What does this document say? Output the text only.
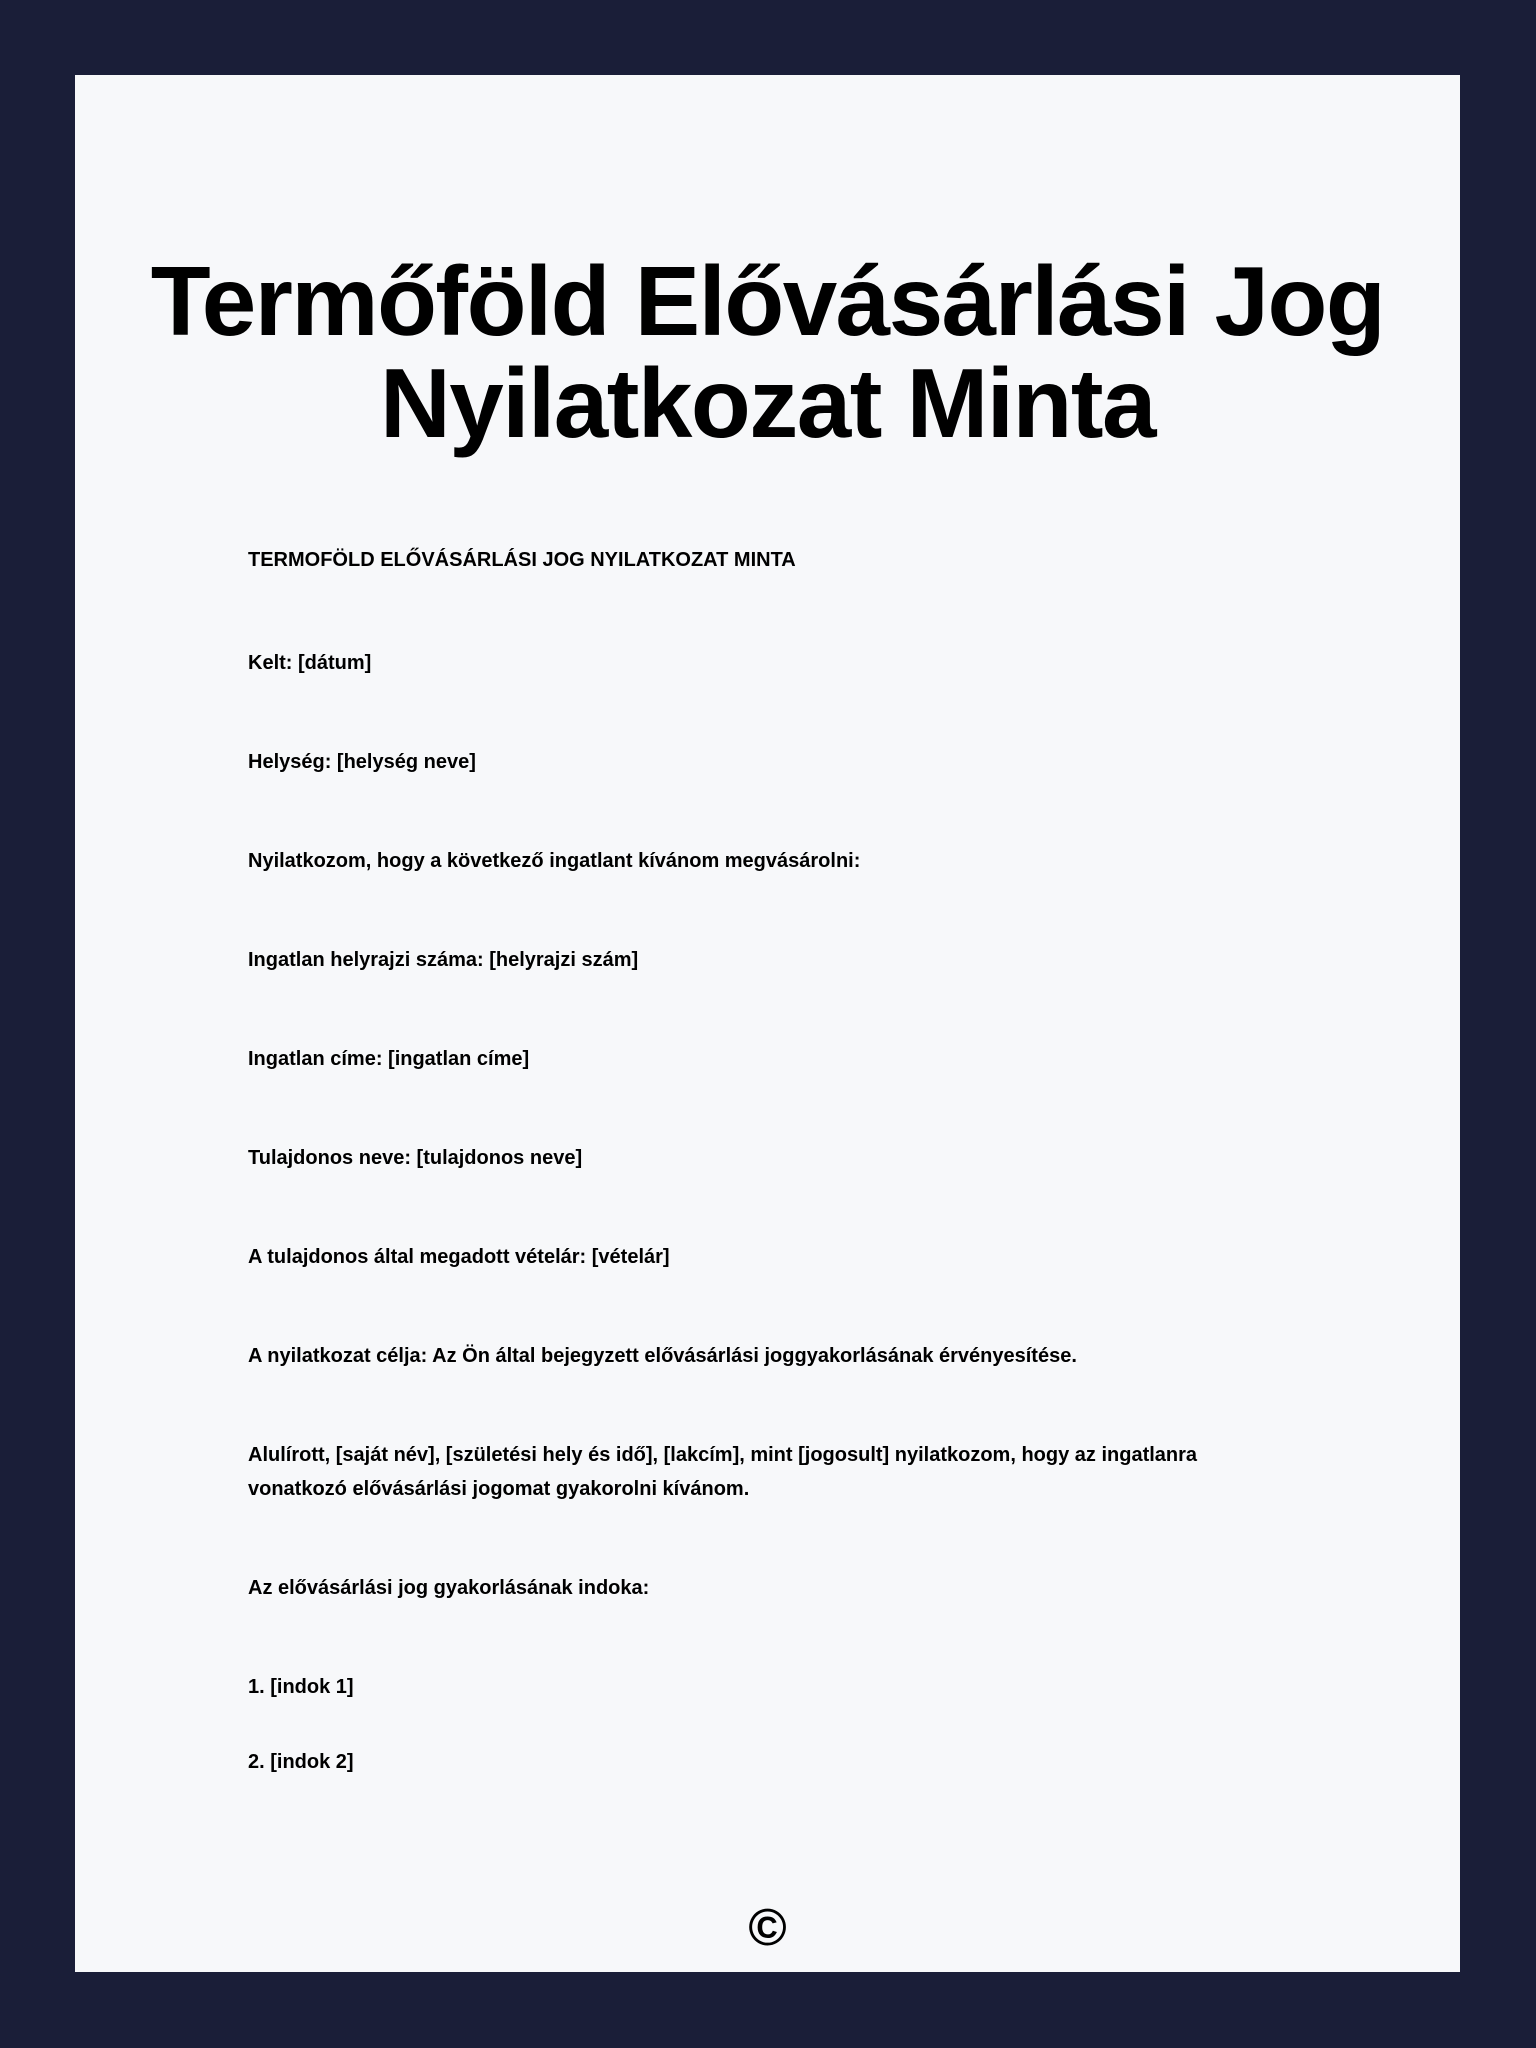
Termőföld Elővásárlási Jog
Nyilatkozat Minta

TERMOFÖLD ELŐVÁSÁRLÁSI JOG NYILATKOZAT MINTA

Kelt: [dátum]

Helység: [helység neve]

Nyilatkozom, hogy a következő ingatlant kívánom megvásárolni:

Ingatlan helyrajzi száma: [helyrajzi szám]

Ingatlan címe: [ingatlan címe]

Tulajdonos neve: [tulajdonos neve]

A tulajdonos által megadott vételár: [vételár]

A nyilatkozat célja: Az Ön által bejegyzett elővásárlási joggyakorlásának érvényesítése.

Alulírott, [saját név], [születési hely és idő], [lakcím], mint [jogosult] nyilatkozom, hogy az ingatlanra vonatkozó elővásárlási jogomat gyakorolni kívánom.

Az elővásárlási jog gyakorlásának indoka:

1. [indok 1]

2. [indok 2]

©
